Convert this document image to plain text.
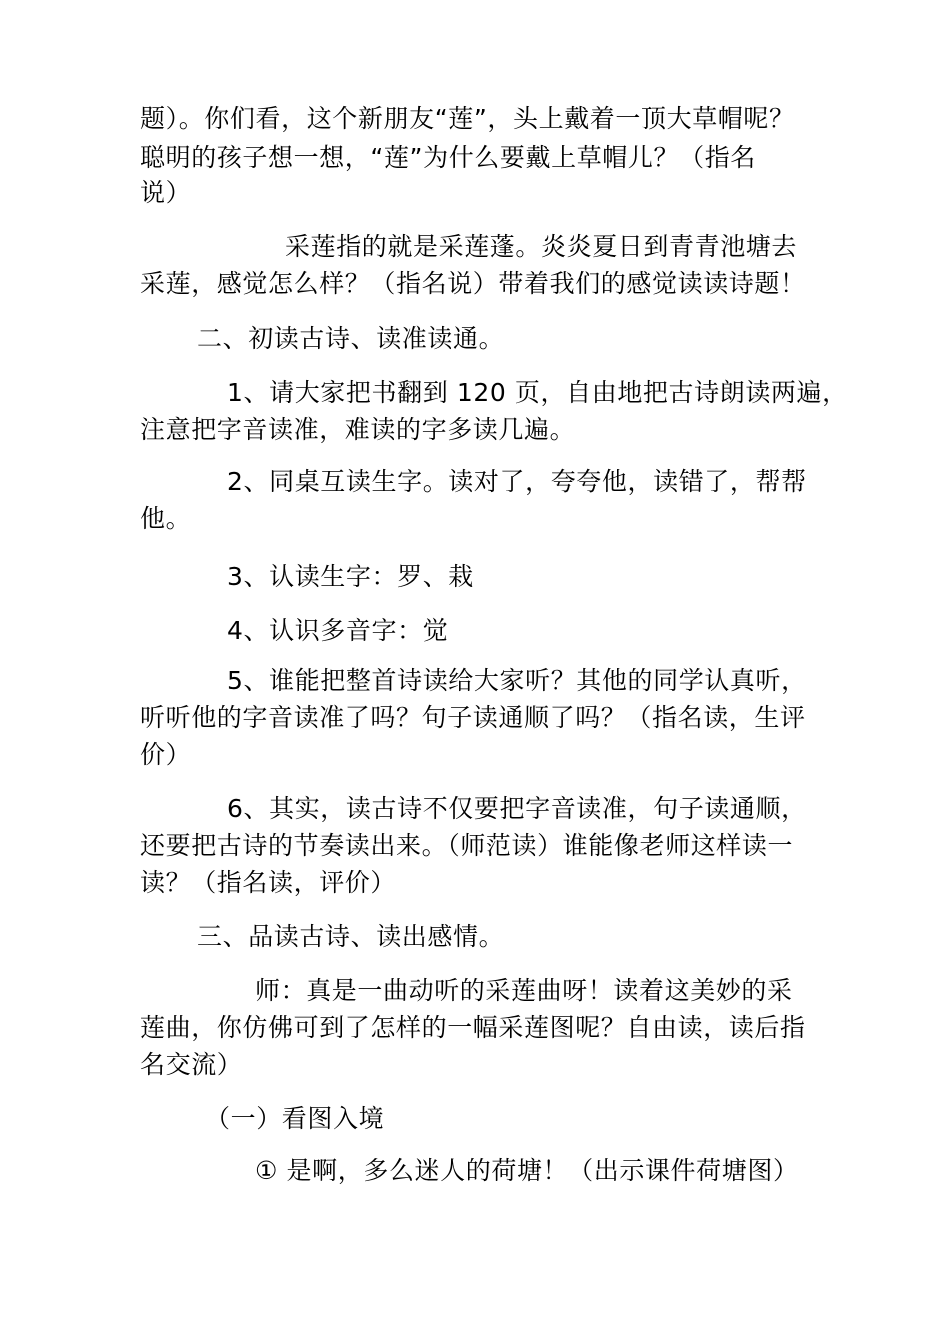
题）。你们看，这个新朋友“莲”，头上戴着一顶大草帽呢？
聪明的孩子想一想，“莲”为什么要戴上草帽儿？（指名
说）
采莲指的就是采莲蓬。炎炎夏日到青青池塘去
采莲，感觉怎么样？（指名说）带着我们的感觉读读诗题！
二、初读古诗、读准读通。
1、请大家把书翻到 120 页，自由地把古诗朗读两遍，
注意把字音读准，难读的字多读几遍。
2、同桌互读生字。读对了，夸夸他，读错了，帮帮
他。
3、认读生字：罗、栽
4、认识多音字：觉
5、谁能把整首诗读给大家听？其他的同学认真听，
听听他的字音读准了吗？句子读通顺了吗？（指名读，生评
价）
6、其实，读古诗不仅要把字音读准，句子读通顺，
还要把古诗的节奏读出来。（师范读）谁能像老师这样读一
读？（指名读，评价）
三、品读古诗、读出感情。
师：真是一曲动听的采莲曲呀！读着这美妙的采
莲曲，你仿佛可到了怎样的一幅采莲图呢？自由读，读后指
名交流）
（一）看图入境
① 是啊，多么迷人的荷塘！（出示课件荷塘图）
